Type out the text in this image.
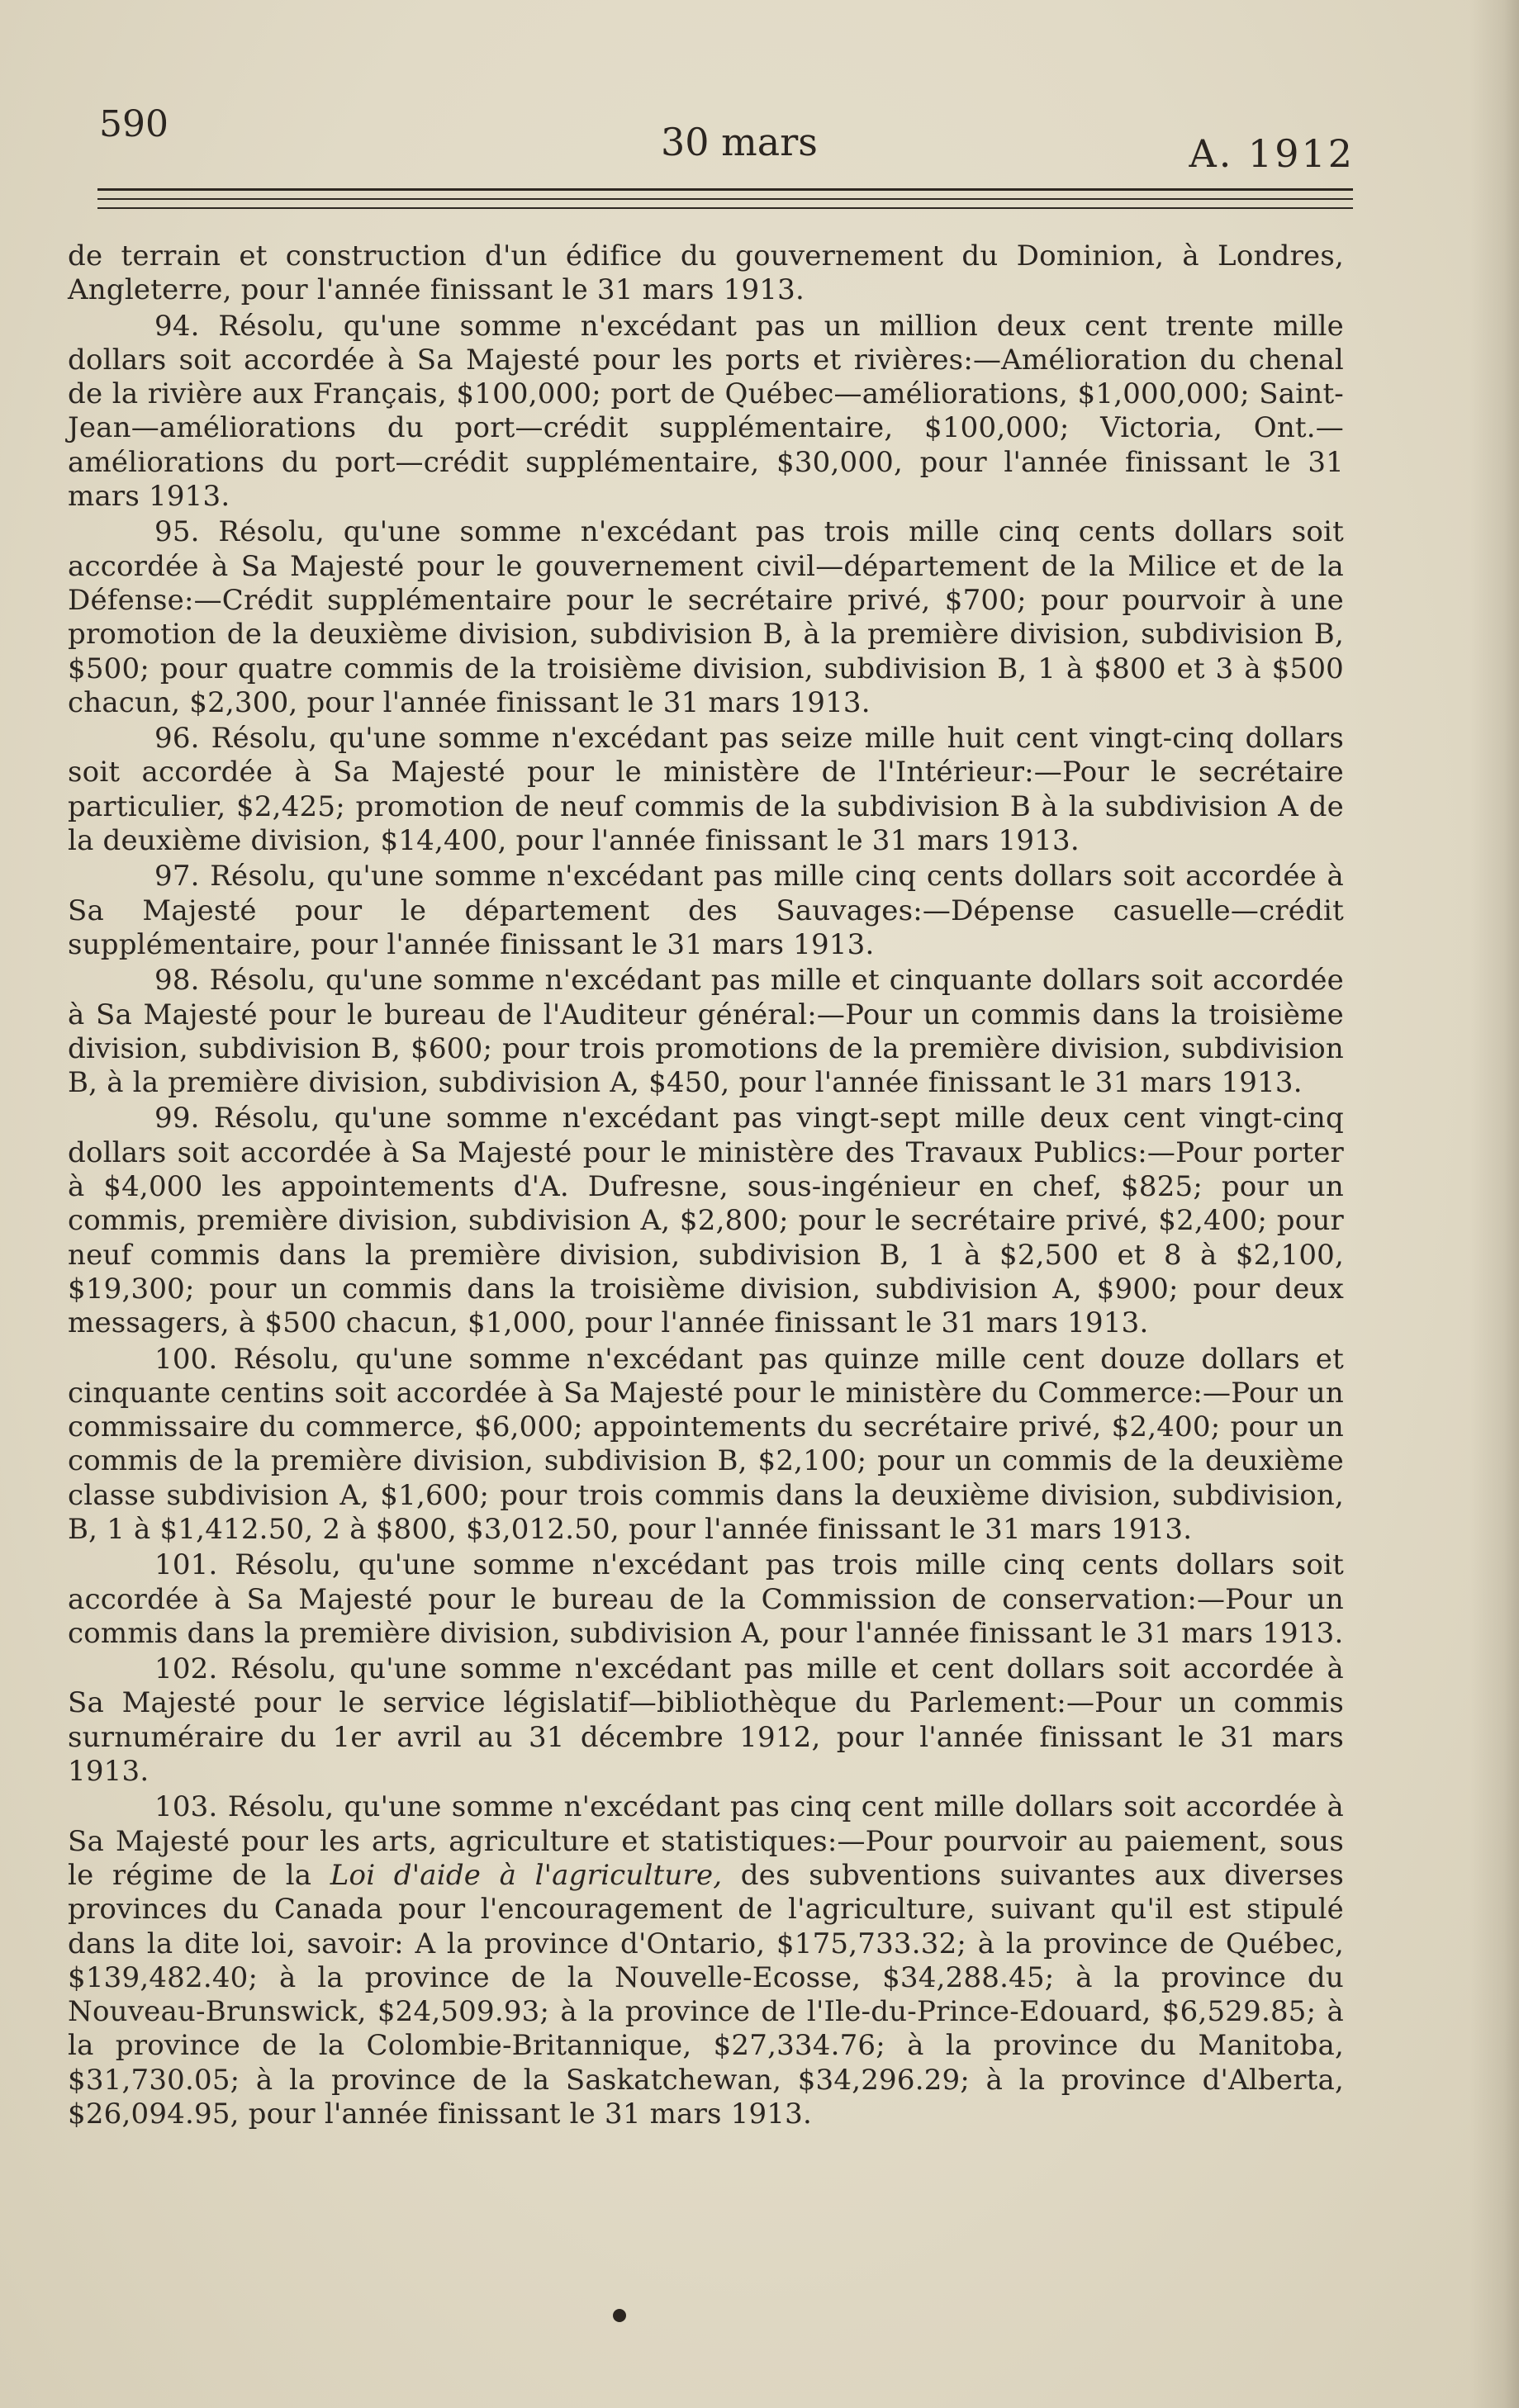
590	30 mars	A. 1912

de terrain et construction d'un édifice du gouvernement du Dominion, à Londres, Angleterre, pour l'année finissant le 31 mars 1913.

94. Résolu, qu'une somme n'excédant pas un million deux cent trente mille dollars soit accordée à Sa Majesté pour les ports et rivières:—Amélioration du chenal de la rivière aux Français, $100,000; port de Québec—améliorations, $1,000,000; Saint-Jean—améliorations du port—crédit supplémentaire, $100,000; Victoria, Ont.—améliorations du port—crédit supplémentaire, $30,000, pour l'année finissant le 31 mars 1913.

95. Résolu, qu'une somme n'excédant pas trois mille cinq cents dollars soit accordée à Sa Majesté pour le gouvernement civil—département de la Milice et de la Défense:—Crédit supplémentaire pour le secrétaire privé, $700; pour pourvoir à une promotion de la deuxième division, subdivision B, à la première division, subdivision B, $500; pour quatre commis de la troisième division, subdivision B, 1 à $800 et 3 à $500 chacun, $2,300, pour l'année finissant le 31 mars 1913.

96. Résolu, qu'une somme n'excédant pas seize mille huit cent vingt-cinq dollars soit accordée à Sa Majesté pour le ministère de l'Intérieur:—Pour le secrétaire particulier, $2,425; promotion de neuf commis de la subdivision B à la subdivision A de la deuxième division, $14,400, pour l'année finissant le 31 mars 1913.

97. Résolu, qu'une somme n'excédant pas mille cinq cents dollars soit accordée à Sa Majesté pour le département des Sauvages:—Dépense casuelle—crédit supplémentaire, pour l'année finissant le 31 mars 1913.

98. Résolu, qu'une somme n'excédant pas mille et cinquante dollars soit accordée à Sa Majesté pour le bureau de l'Auditeur général:—Pour un commis dans la troisième division, subdivision B, $600; pour trois promotions de la première division, subdivision B, à la première division, subdivision A, $450, pour l'année finissant le 31 mars 1913.

99. Résolu, qu'une somme n'excédant pas vingt-sept mille deux cent vingt-cinq dollars soit accordée à Sa Majesté pour le ministère des Travaux Publics:—Pour porter à $4,000 les appointements d'A. Dufresne, sous-ingénieur en chef, $825; pour un commis, première division, subdivision A, $2,800; pour le secrétaire privé, $2,400; pour neuf commis dans la première division, subdivision B, 1 à $2,500 et 8 à $2,100, $19,300; pour un commis dans la troisième division, subdivision A, $900; pour deux messagers, à $500 chacun, $1,000, pour l'année finissant le 31 mars 1913.

100. Résolu, qu'une somme n'excédant pas quinze mille cent douze dollars et cinquante centins soit accordée à Sa Majesté pour le ministère du Commerce:—Pour un commissaire du commerce, $6,000; appointements du secrétaire privé, $2,400; pour un commis de la première division, subdivision B, $2,100; pour un commis de la deuxième classe subdivision A, $1,600; pour trois commis dans la deuxième division, subdivision, B, 1 à $1,412.50, 2 à $800, $3,012.50, pour l'année finissant le 31 mars 1913.

101. Résolu, qu'une somme n'excédant pas trois mille cinq cents dollars soit accordée à Sa Majesté pour le bureau de la Commission de conservation:—Pour un commis dans la première division, subdivision A, pour l'année finissant le 31 mars 1913.

102. Résolu, qu'une somme n'excédant pas mille et cent dollars soit accordée à Sa Majesté pour le service législatif—bibliothèque du Parlement:—Pour un commis surnuméraire du 1er avril au 31 décembre 1912, pour l'année finissant le 31 mars 1913.

103. Résolu, qu'une somme n'excédant pas cinq cent mille dollars soit accordée à Sa Majesté pour les arts, agriculture et statistiques:—Pour pourvoir au paiement, sous le régime de la Loi d'aide à l'agriculture, des subventions suivantes aux diverses provinces du Canada pour l'encouragement de l'agriculture, suivant qu'il est stipulé dans la dite loi, savoir: A la province d'Ontario, $175,733.32; à la province de Québec, $139,482.40; à la province de la Nouvelle-Ecosse, $34,288.45; à la province du Nouveau-Brunswick, $24,509.93; à la province de l'Ile-du-Prince-Edouard, $6,529.85; à la province de la Colombie-Britannique, $27,334.76; à la province du Manitoba, $31,730.05; à la province de la Saskatchewan, $34,296.29; à la province d'Alberta, $26,094.95, pour l'année finissant le 31 mars 1913.
